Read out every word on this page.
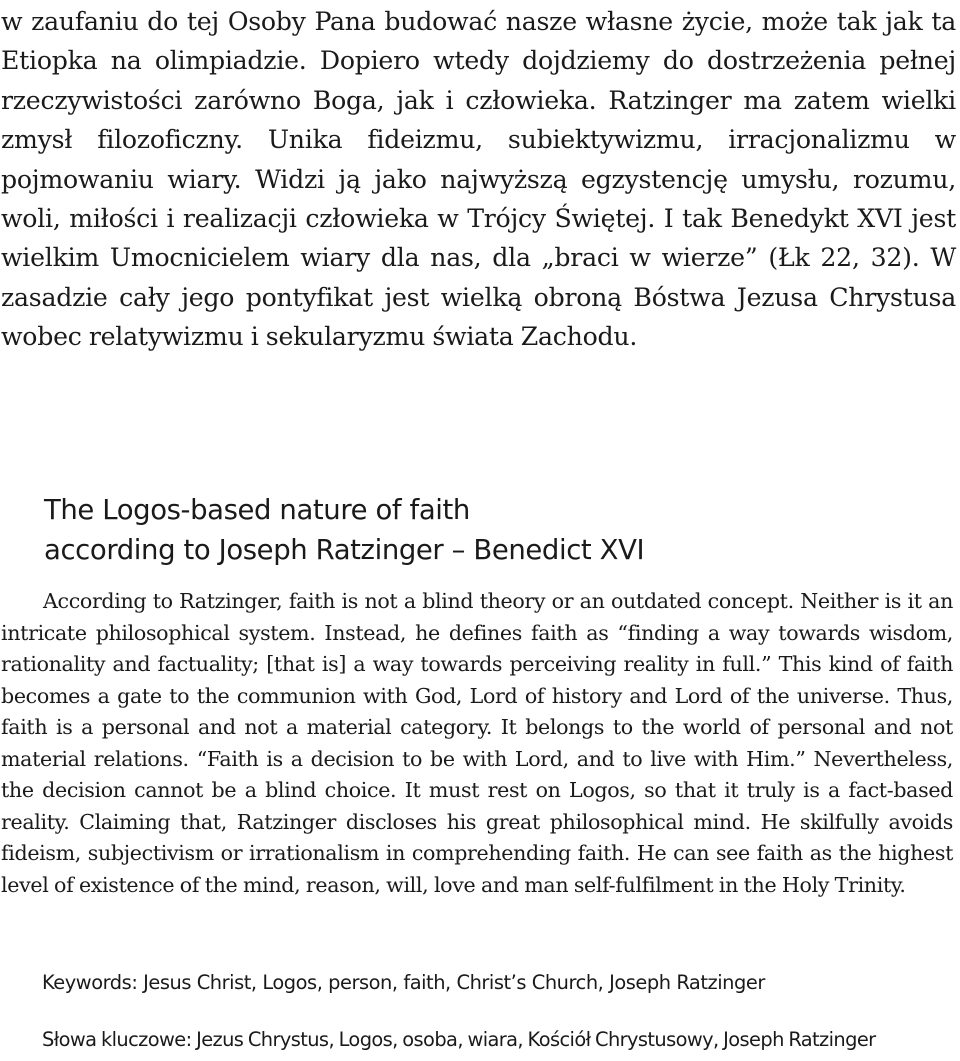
w zaufaniu do tej Osoby Pana budować nasze własne życie, może tak jak ta Etiopka na olimpiadzie. Dopiero wtedy dojdziemy do dostrzeżenia pełnej rzeczywistości zarówno Boga, jak i człowieka. Ratzinger ma zatem wielki zmysł filozoficzny. Unika fideizmu, subiektywizmu, irracjonalizmu w pojmowaniu wiary. Widzi ją jako najwyższą egzystencję umysłu, rozumu, woli, miłości i realizacji człowieka w Trójcy Świętej. I tak Benedykt XVI jest wielkim Umocnicielem wiary dla nas, dla „braci w wierze” (Łk 22, 32). W zasadzie cały jego pontyfikat jest wielką obroną Bóstwa Jezusa Chrystusa wobec relatywizmu i sekularyzmu świata Zachodu.

The Logos-based nature of faith
according to Joseph Ratzinger – Benedict XVI

According to Ratzinger, faith is not a blind theory or an outdated concept. Neither is it an intricate philosophical system. Instead, he defines faith as “finding a way towards wisdom, rationality and factuality; [that is] a way towards perceiving reality in full.” This kind of faith becomes a gate to the communion with God, Lord of history and Lord of the universe. Thus, faith is a personal and not a material category. It belongs to the world of personal and not material relations. “Faith is a decision to be with Lord, and to live with Him.” Nevertheless, the decision cannot be a blind choice. It must rest on Logos, so that it truly is a fact-based reality. Claiming that, Ratzinger discloses his great philosophical mind. He skilfully avoids fideism, subjectivism or irrationalism in comprehending faith. He can see faith as the highest level of existence of the mind, reason, will, love and man self-fulfilment in the Holy Trinity.

Keywords: Jesus Christ, Logos, person, faith, Christ’s Church, Joseph Ratzinger

Słowa kluczowe: Jezus Chrystus, Logos, osoba, wiara, Kościół Chrystusowy, Joseph Ratzinger
